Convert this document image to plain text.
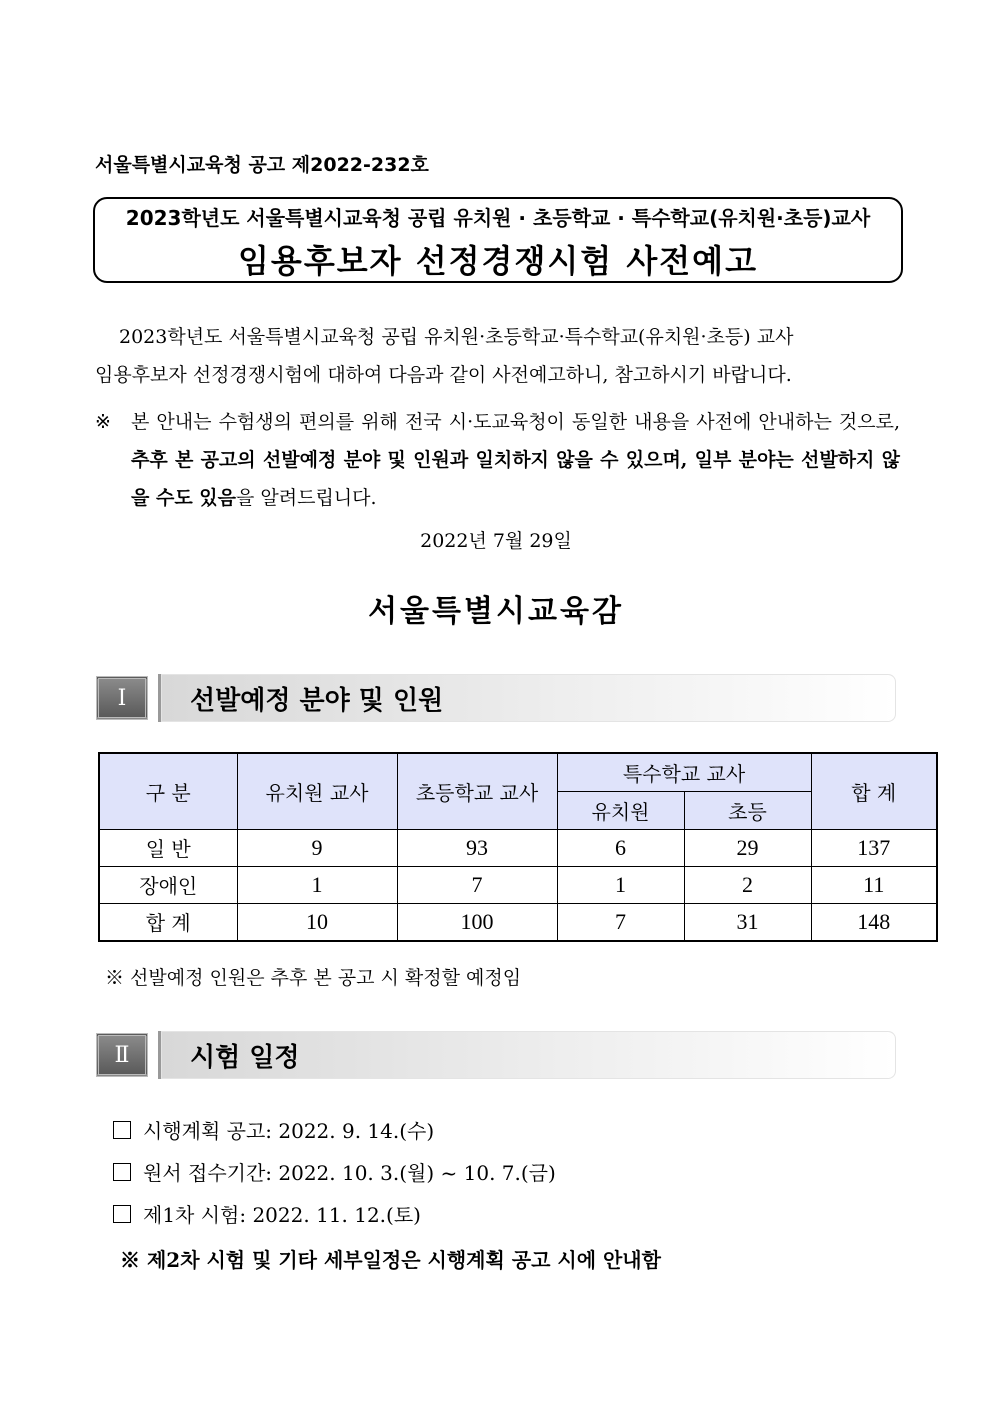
서울특별시교육청 공고 제2022-232호
2023학년도 서울특별시교육청 공립 유치원 · 초등학교 · 특수학교(유치원·초등)교사
임용후보자 선정경쟁시험 사전예고
2023학년도 서울특별시교육청 공립 유치원·초등학교·특수학교(유치원·초등) 교사
임용후보자 선정경쟁시험에 대하여 다음과 같이 사전예고하니, 참고하시기 바랍니다.
※	본 안내는 수험생의 편의를 위해 전국 시·도교육청이 동일한 내용을 사전에 안내하는 것으로, 추후 본 공고의 선발예정 분야 및 인원과 일치하지 않을 수 있으며, 일부 분야는 선발하지 않을 수도 있음을 알려드립니다.
2022년 7월 29일
서울특별시교육감
Ⅰ	선발예정 분야 및 인원
구 분	유치원 교사	초등학교 교사	특수학교 교사		합 계
			유치원	초등	
일 반	9	93	6	29	137
장애인	1	7	1	2	11
합 계	10	100	7	31	148
※ 선발예정 인원은 추후 본 공고 시 확정할 예정임
Ⅱ	시험 일정
시행계획 공고: 2022. 9. 14.(수)
원서 접수기간: 2022. 10. 3.(월) ~ 10. 7.(금)
제1차 시험: 2022. 11. 12.(토)
※ 제2차 시험 및 기타 세부일정은 시행계획 공고 시에 안내함
